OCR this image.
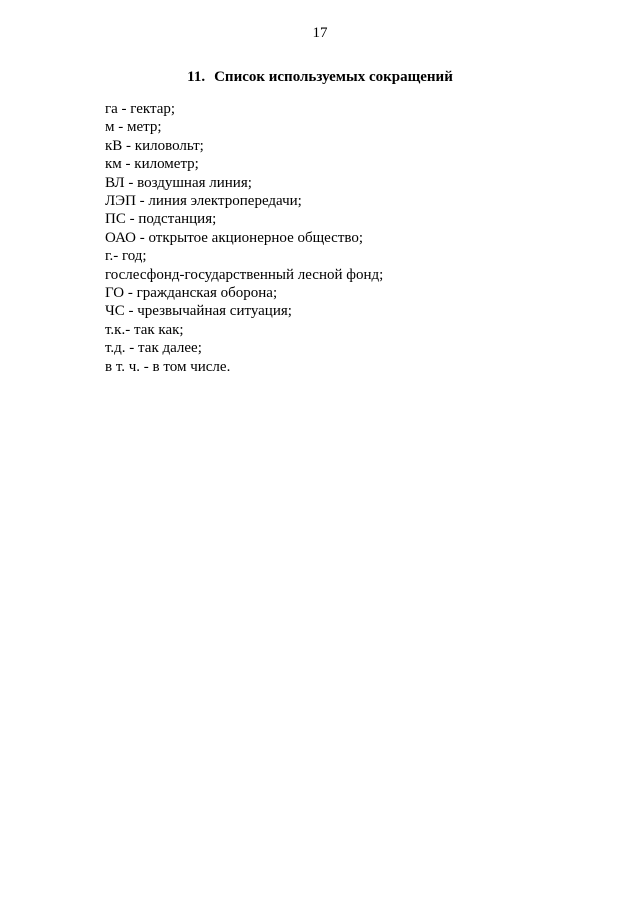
17
11. Список используемых сокращений
га - гектар;
м - метр;
кВ - киловольт;
км - километр;
ВЛ - воздушная линия;
ЛЭП - линия электропередачи;
ПС - подстанция;
ОАО - открытое акционерное общество;
г.- год;
гослесфонд-государственный лесной фонд;
ГО - гражданская оборона;
ЧС - чрезвычайная ситуация;
т.к.- так как;
т.д. - так далее;
в т. ч. - в том числе.
